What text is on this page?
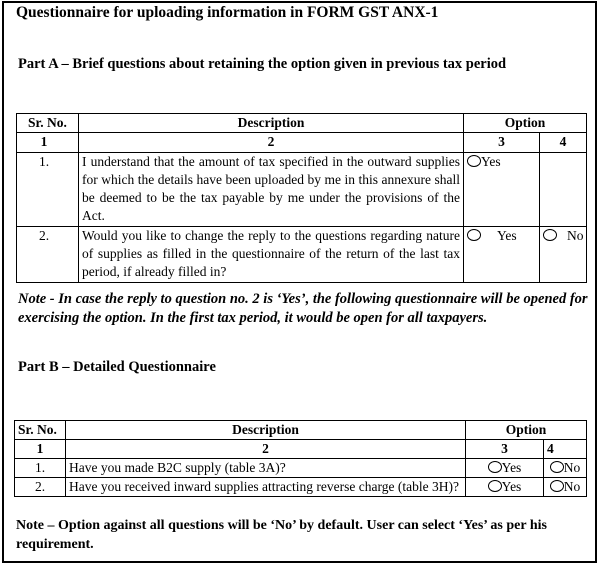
Questionnaire for uploading information in FORM GST ANX-1
Part A – Brief questions about retaining the option given in previous tax period
Sr. No.	Description	Option	
1	2	3	4
1.	I understand that the amount of tax specified in the outward supplies for which the details have been uploaded by me in this annexure shall be deemed to be the tax payable by me under the provisions of the Act.	Yes	
2.	Would you like to change the reply to the questions regarding nature of supplies as filled in the questionnaire of the return of the last tax period, if already filled in?	Yes	No
Note - In case the reply to question no. 2 is ‘Yes’, the following questionnaire will be opened for exercising the option. In the first tax period, it would be open for all taxpayers.
Part B – Detailed Questionnaire
Sr. No.	Description	Option	
1	2	3	4
1.	Have you made B2C supply (table 3A)?	Yes	No
2.	Have you received inward supplies attracting reverse charge (table 3H)?	Yes	No
Note – Option against all questions will be ‘No’ by default. User can select ‘Yes’ as per his requirement.
